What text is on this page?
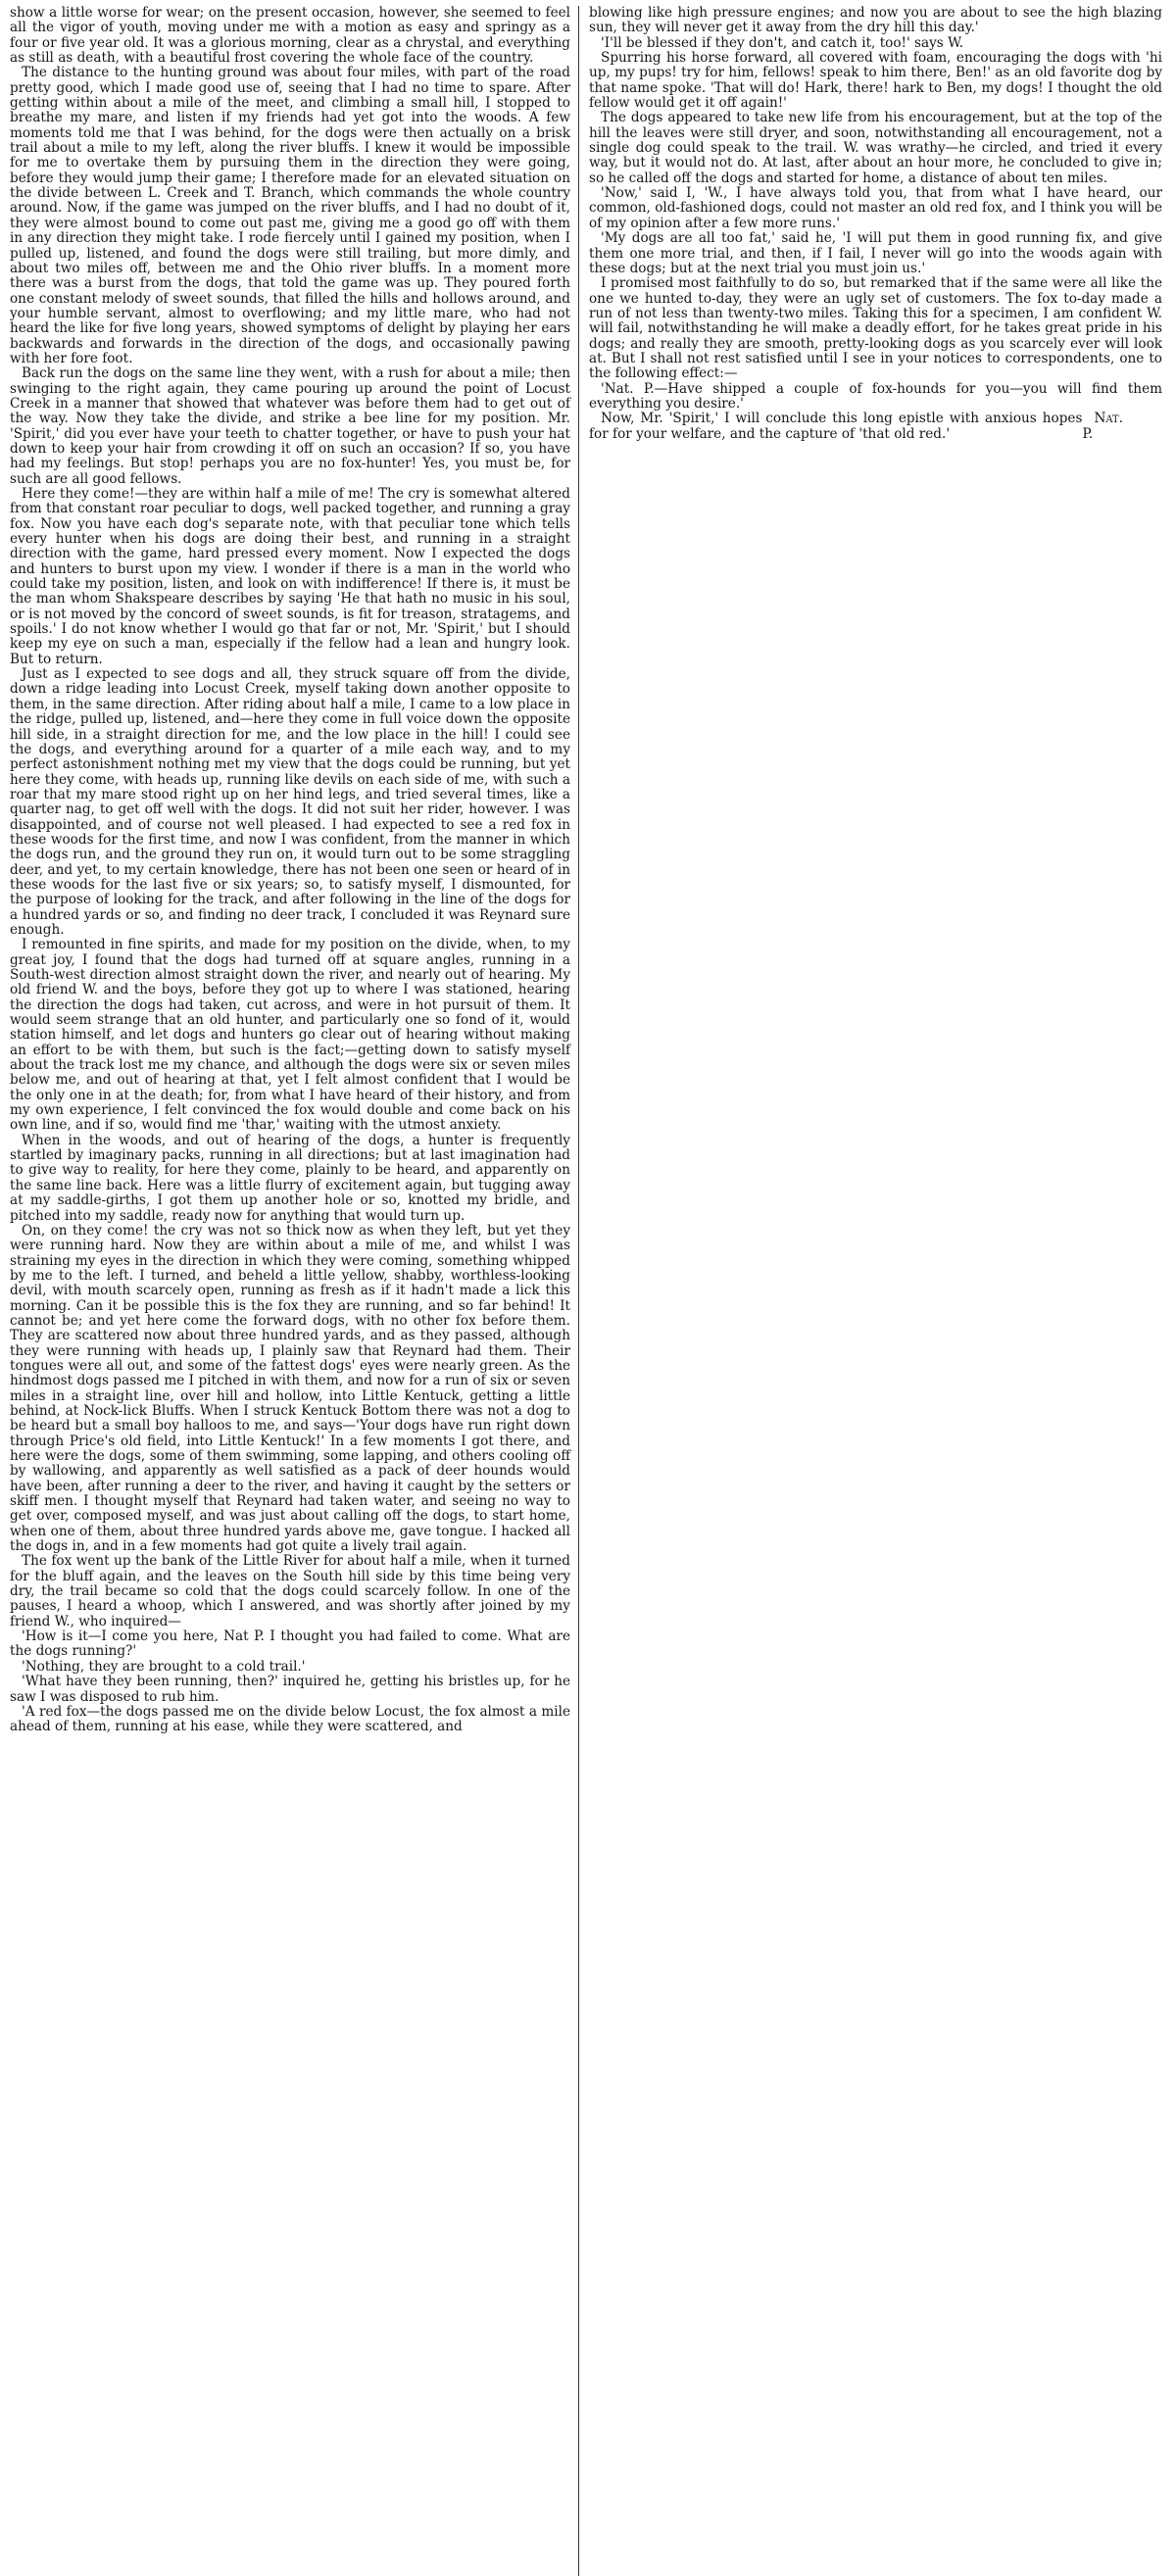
show a little worse for wear; on the present occasion, however, she seemed to feel all the vigor of youth, moving under me with a motion as easy and springy as a four or five year old. It was a glorious morning, clear as a chrystal, and everything as still as death, with a beautiful frost covering the whole face of the country.

The distance to the hunting ground was about four miles, with part of the road pretty good, which I made good use of, seeing that I had no time to spare. After getting within about a mile of the meet, and climbing a small hill, I stopped to breathe my mare, and listen if my friends had yet got into the woods. A few moments told me that I was behind, for the dogs were then actually on a brisk trail about a mile to my left, along the river bluffs. I knew it would be impossible for me to overtake them by pursuing them in the direction they were going, before they would jump their game; I therefore made for an elevated situation on the divide between L. Creek and T. Branch, which commands the whole country around. Now, if the game was jumped on the river bluffs, and I had no doubt of it, they were almost bound to come out past me, giving me a good go off with them in any direction they might take. I rode fiercely until I gained my position, when I pulled up, listened, and found the dogs were still trailing, but more dimly, and about two miles off, between me and the Ohio river bluffs. In a moment more there was a burst from the dogs, that told the game was up. They poured forth one constant melody of sweet sounds, that filled the hills and hollows around, and your humble servant, almost to overflowing; and my little mare, who had not heard the like for five long years, showed symptoms of delight by playing her ears backwards and forwards in the direction of the dogs, and occasionally pawing with her fore foot.

Back run the dogs on the same line they went, with a rush for about a mile; then swinging to the right again, they came pouring up around the point of Locust Creek in a manner that showed that whatever was before them had to get out of the way. Now they take the divide, and strike a bee line for my position. Mr. 'Spirit,' did you ever have your teeth to chatter together, or have to push your hat down to keep your hair from crowding it off on such an occasion? If so, you have had my feelings. But stop! perhaps you are no fox-hunter! Yes, you must be, for such are all good fellows.

Here they come!—they are within half a mile of me! The cry is somewhat altered from that constant roar peculiar to dogs, well packed together, and running a gray fox. Now you have each dog's separate note, with that peculiar tone which tells every hunter when his dogs are doing their best, and running in a straight direction with the game, hard pressed every moment. Now I expected the dogs and hunters to burst upon my view. I wonder if there is a man in the world who could take my position, listen, and look on with indifference! If there is, it must be the man whom Shakspeare describes by saying 'He that hath no music in his soul, or is not moved by the concord of sweet sounds, is fit for treason, stratagems, and spoils.' I do not know whether I would go that far or not, Mr. 'Spirit,' but I should keep my eye on such a man, especially if the fellow had a lean and hungry look. But to return.

Just as I expected to see dogs and all, they struck square off from the divide, down a ridge leading into Locust Creek, myself taking down another opposite to them, in the same direction. After riding about half a mile, I came to a low place in the ridge, pulled up, listened, and—here they come in full voice down the opposite hill side, in a straight direction for me, and the low place in the hill! I could see the dogs, and everything around for a quarter of a mile each way, and to my perfect astonishment nothing met my view that the dogs could be running, but yet here they come, with heads up, running like devils on each side of me, with such a roar that my mare stood right up on her hind legs, and tried several times, like a quarter nag, to get off well with the dogs. It did not suit her rider, however. I was disappointed, and of course not well pleased. I had expected to see a red fox in these woods for the first time, and now I was confident, from the manner in which the dogs run, and the ground they run on, it would turn out to be some straggling deer, and yet, to my certain knowledge, there has not been one seen or heard of in these woods for the last five or six years; so, to satisfy myself, I dismounted, for the purpose of looking for the track, and after following in the line of the dogs for a hundred yards or so, and finding no deer track, I concluded it was Reynard sure enough.

I remounted in fine spirits, and made for my position on the divide, when, to my great joy, I found that the dogs had turned off at square angles, running in a South-west direction almost straight down the river, and nearly out of hearing. My old friend W. and the boys, before they got up to where I was stationed, hearing the direction the dogs had taken, cut across, and were in hot pursuit of them. It would seem strange that an old hunter, and particularly one so fond of it, would station himself, and let dogs and hunters go clear out of hearing without making an effort to be with them, but such is the fact;—getting down to satisfy myself about the track lost me my chance, and although the dogs were six or seven miles below me, and out of hearing at that, yet I felt almost confident that I would be the only one in at the death; for, from what I have heard of their history, and from my own experience, I felt convinced the fox would double and come back on his own line, and if so, would find me 'thar,' waiting with the utmost anxiety.

When in the woods, and out of hearing of the dogs, a hunter is frequently startled by imaginary packs, running in all directions; but at last imagination had to give way to reality, for here they come, plainly to be heard, and apparently on the same line back. Here was a little flurry of excitement again, but tugging away at my saddle-girths, I got them up another hole or so, knotted my bridle, and pitched into my saddle, ready now for anything that would turn up.

On, on they come! the cry was not so thick now as when they left, but yet they were running hard. Now they are within about a mile of me, and whilst I was straining my eyes in the direction in which they were coming, something whipped by me to the left. I turned, and beheld a little yellow, shabby, worthless-looking devil, with mouth scarcely open, running as fresh as if it hadn't made a lick this morning. Can it be possible this is the fox they are running, and so far behind! It cannot be; and yet here come the forward dogs, with no other fox before them. They are scattered now about three hundred yards, and as they passed, although they were running with heads up, I plainly saw that Reynard had them. Their tongues were all out, and some of the fattest dogs' eyes were nearly green. As the hindmost dogs passed me I pitched in with them, and now for a run of six or seven miles in a straight line, over hill and hollow, into Little Kentuck, getting a little behind, at Nock-lick Bluffs. When I struck Kentuck Bottom there was not a dog to be heard but a small boy halloos to me, and says—'Your dogs have run right down through Price's old field, into Little Kentuck!' In a few moments I got there, and here were the dogs, some of them swimming, some lapping, and others cooling off by wallowing, and apparently as well satisfied as a pack of deer hounds would have been, after running a deer to the river, and having it caught by the setters or skiff men. I thought myself that Reynard had taken water, and seeing no way to get over, composed myself, and was just about calling off the dogs, to start home, when one of them, about three hundred yards above me, gave tongue. I hacked all the dogs in, and in a few moments had got quite a lively trail again.

The fox went up the bank of the Little River for about half a mile, when it turned for the bluff again, and the leaves on the South hill side by this time being very dry, the trail became so cold that the dogs could scarcely follow. In one of the pauses, I heard a whoop, which I answered, and was shortly after joined by my friend W., who inquired—

'How is it—I come you here, Nat P. I thought you had failed to come. What are the dogs running?'

'Nothing, they are brought to a cold trail.'

'What have they been running, then?' inquired he, getting his bristles up, for he saw I was disposed to rub him.

'A red fox—the dogs passed me on the divide below Locust, the fox almost a mile ahead of them, running at his ease, while they were scattered, and

blowing like high pressure engines; and now you are about to see the high blazing sun, they will never get it away from the dry hill this day.'

'I'll be blessed if they don't, and catch it, too!' says W.

Spurring his horse forward, all covered with foam, encouraging the dogs with 'hi up, my pups! try for him, fellows! speak to him there, Ben!' as an old favorite dog by that name spoke. 'That will do! Hark, there! hark to Ben, my dogs! I thought the old fellow would get it off again!'

The dogs appeared to take new life from his encouragement, but at the top of the hill the leaves were still dryer, and soon, notwithstanding all encouragement, not a single dog could speak to the trail. W. was wrathy—he circled, and tried it every way, but it would not do. At last, after about an hour more, he concluded to give in; so he called off the dogs and started for home, a distance of about ten miles.

'Now,' said I, 'W., I have always told you, that from what I have heard, our common, old-fashioned dogs, could not master an old red fox, and I think you will be of my opinion after a few more runs.'

'My dogs are all too fat,' said he, 'I will put them in good running fix, and give them one more trial, and then, if I fail, I never will go into the woods again with these dogs; but at the next trial you must join us.'

I promised most faithfully to do so, but remarked that if the same were all like the one we hunted to-day, they were an ugly set of customers. The fox to-day made a run of not less than twenty-two miles. Taking this for a specimen, I am confident W. will fail, notwithstanding he will make a deadly effort, for he takes great pride in his dogs; and really they are smooth, pretty-looking dogs as you scarcely ever will look at. But I shall not rest satisfied until I see in your notices to correspondents, one to the following effect:—

'Nat. P.—Have shipped a couple of fox-hounds for you—you will find them everything you desire.'

Now, Mr. 'Spirit,' I will conclude this long epistle with anxious hopes for for your welfare, and the capture of 'that old red.'
Nat. P.
